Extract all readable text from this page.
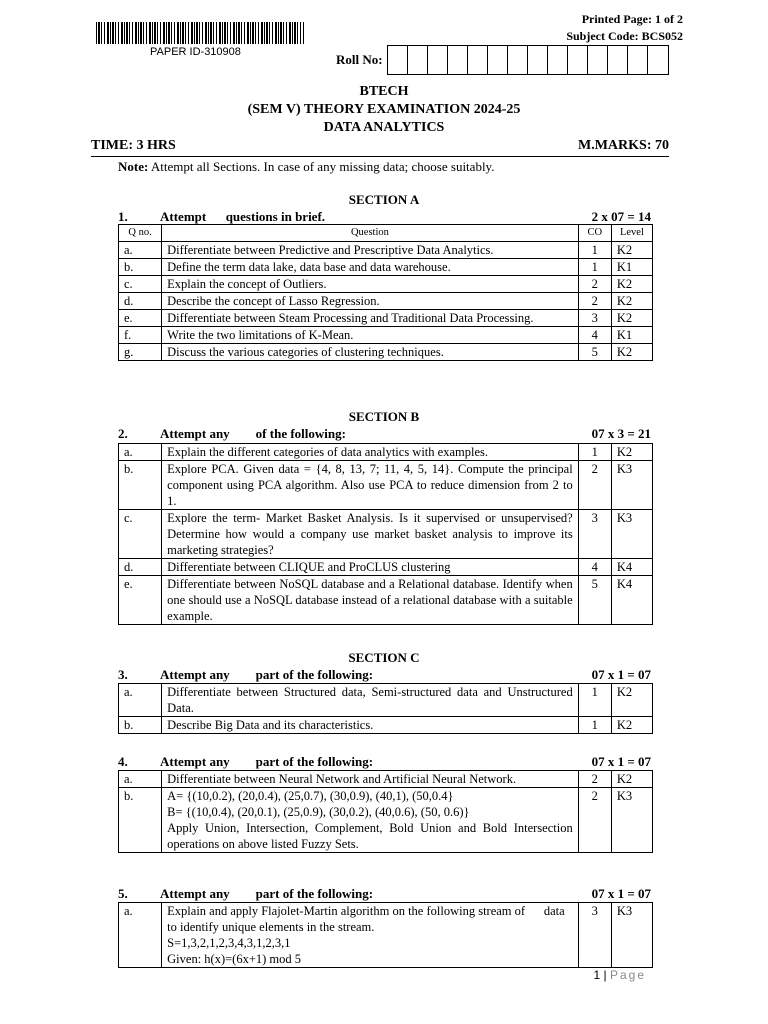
PAPER ID-310908
Printed Page: 1 of 2
Subject Code: BCS052
Roll No:
BTECH
(SEM V) THEORY EXAMINATION 2024-25
DATA ANALYTICS
TIME: 3 HRS	M.MARKS: 70
Note: Attempt all Sections. In case of any missing data; choose suitably.
SECTION A
1. Attempt      questions in brief.	2 x 07 = 14
Q no.	Question	CO	Level
a.	Differentiate between Predictive and Prescriptive Data Analytics.	1	K2
b.	Define the term data lake, data base and data warehouse.	1	K1
c.	Explain the concept of Outliers.	2	K2
d.	Describe the concept of Lasso Regression.	2	K2
e.	Differentiate between Steam Processing and Traditional Data Processing.	3	K2
f.	Write the two limitations of K-Mean.	4	K1
g.	Discuss the various categories of clustering techniques.	5	K2
SECTION B
2. Attempt any        of the following:	07 x 3 = 21
a.	Explain the different categories of data analytics with examples.	1	K2
b.	Explore PCA. Given data = {4, 8, 13, 7; 11, 4, 5, 14}. Compute the principal component using PCA algorithm. Also use PCA to reduce dimension from 2 to 1.	2	K3
c.	Explore the term- Market Basket Analysis. Is it supervised or unsupervised? Determine how would a company use market basket analysis to improve its marketing strategies?	3	K3
d.	Differentiate between CLIQUE and ProCLUS clustering	4	K4
e.	Differentiate between NoSQL database and a Relational database. Identify when one should use a NoSQL database instead of a relational database with a suitable example.	5	K4
SECTION C
3. Attempt any        part of the following:	07 x 1 = 07
a.	Differentiate between Structured data, Semi-structured data and Unstructured Data.	1	K2
b.	Describe Big Data and its characteristics.	1	K2
4. Attempt any        part of the following:	07 x 1 = 07
a.	Differentiate between Neural Network and Artificial Neural Network.	2	K2
b.	A= {(10,0.2), (20,0.4), (25,0.7), (30,0.9), (40,1), (50,0.4}
B= {(10,0.4), (20,0.1), (25,0.9), (30,0.2), (40,0.6), (50, 0.6)}
Apply Union, Intersection, Complement, Bold Union and Bold Intersection operations on above listed Fuzzy Sets.	2	K3
5. Attempt any        part of the following:	07 x 1 = 07
a.	Explain and apply Flajolet-Martin algorithm on the following stream of      data to identify unique elements in the stream.
S=1,3,2,1,2,3,4,3,1,2,3,1
Given: h(x)=(6x+1) mod 5
	3	K3
1 | Page
